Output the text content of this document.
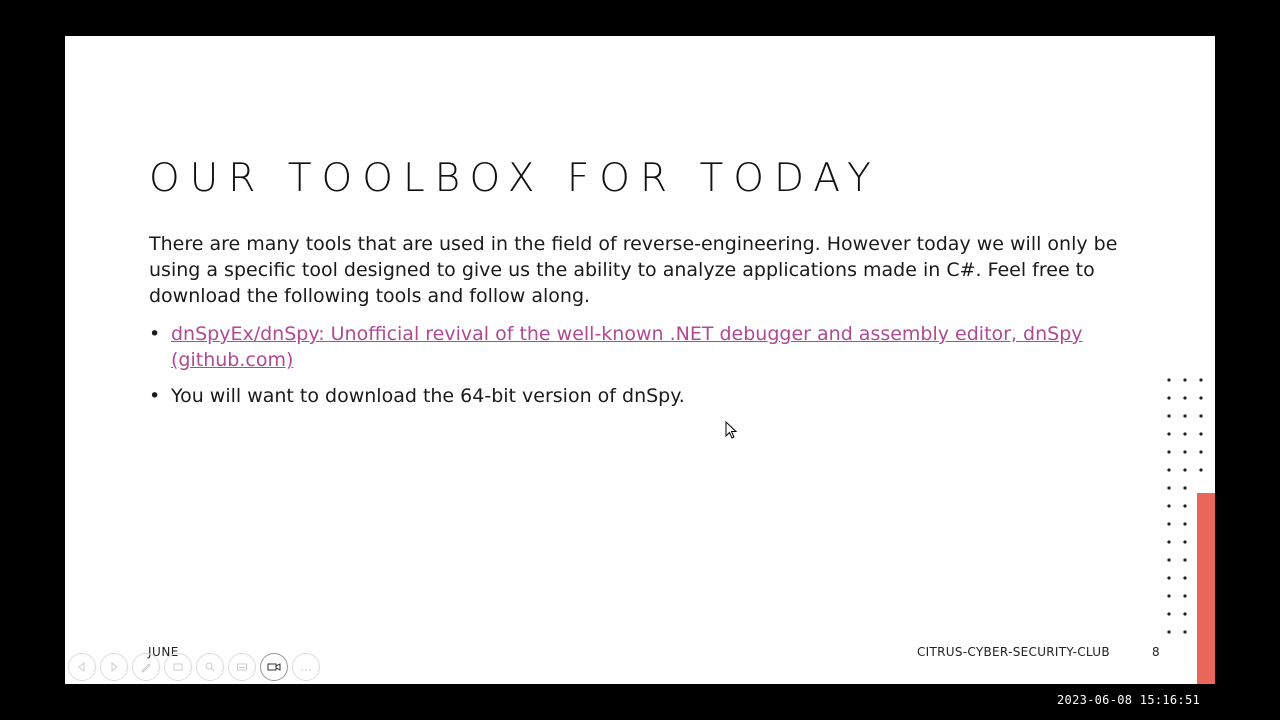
OUR TOOLBOX FOR TODAY
There are many tools that are used in the field of reverse-engineering. However today we will only be using a specific tool designed to give us the ability to analyze applications made in C#. Feel free to download the following tools and follow along.
• dnSpyEx/dnSpy: Unofficial revival of the well-known .NET debugger and assembly editor, dnSpy (github.com)
• You will want to download the 64-bit version of dnSpy.
JUNE	CITRUS-CYBER-SECURITY-CLUB	8
...
2023-06-08 15:16:51
